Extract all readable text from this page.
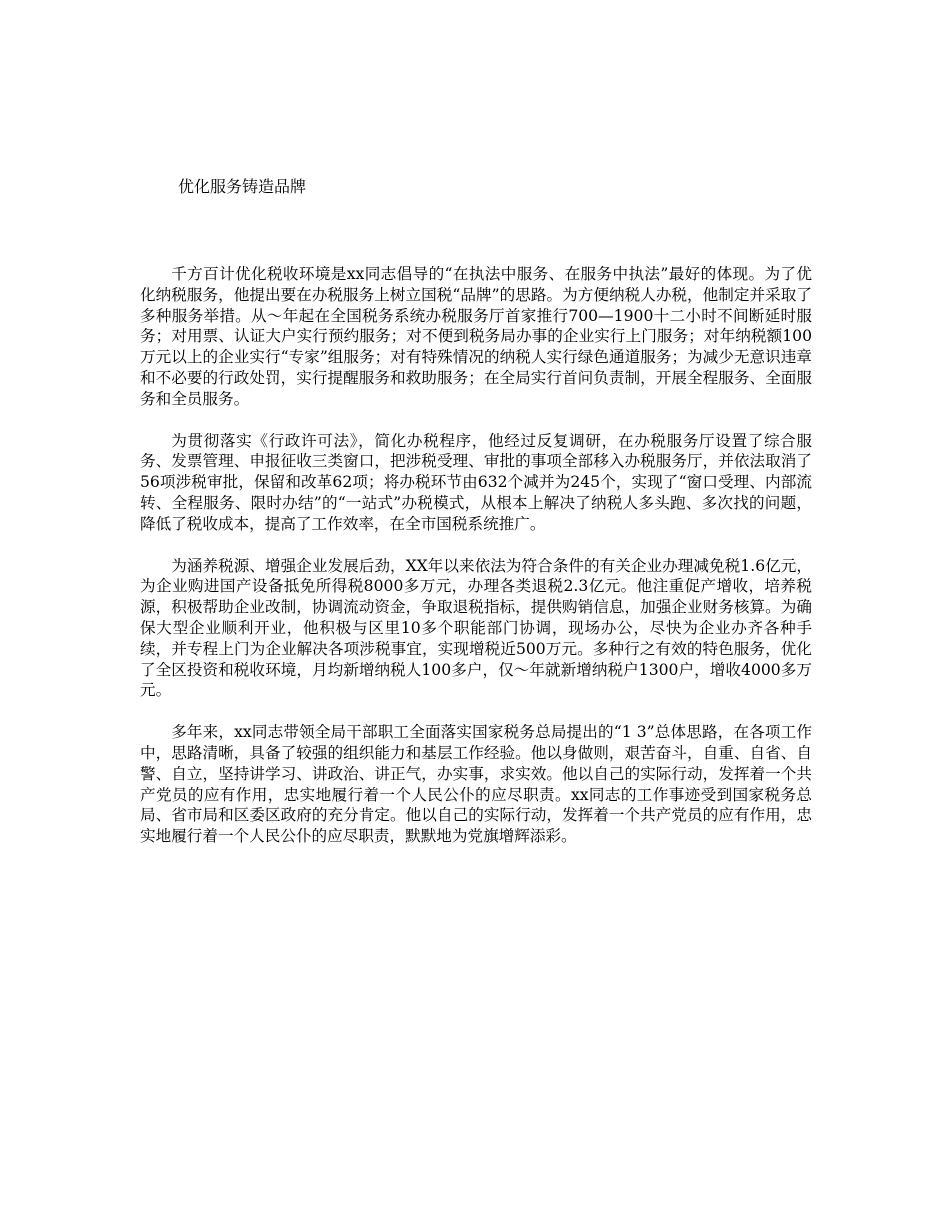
优化服务铸造品牌

千方百计优化税收环境是xx同志倡导的“在执法中服务、在服务中执法”最好的体现。为了优化纳税服务，他提出要在办税服务上树立国税“品牌”的思路。为方便纳税人办税，他制定并采取了多种服务举措。从～年起在全国税务系统办税服务厅首家推行700—1900十二小时不间断延时服务；对用票、认证大户实行预约服务；对不便到税务局办事的企业实行上门服务；对年纳税额100万元以上的企业实行“专家”组服务；对有特殊情况的纳税人实行绿色通道服务；为减少无意识违章和不必要的行政处罚，实行提醒服务和救助服务；在全局实行首问负责制，开展全程服务、全面服务和全员服务。

为贯彻落实《行政许可法》，简化办税程序，他经过反复调研，在办税服务厅设置了综合服务、发票管理、申报征收三类窗口，把涉税受理、审批的事项全部移入办税服务厅，并依法取消了56项涉税审批，保留和改革62项；将办税环节由632个减并为245个，实现了“窗口受理、内部流转、全程服务、限时办结”的“一站式”办税模式，从根本上解决了纳税人多头跑、多次找的问题，降低了税收成本，提高了工作效率，在全市国税系统推广。

为涵养税源、增强企业发展后劲，XX年以来依法为符合条件的有关企业办理减免税1.6亿元，为企业购进国产设备抵免所得税8000多万元，办理各类退税2.3亿元。他注重促产增收，培养税源，积极帮助企业改制，协调流动资金，争取退税指标，提供购销信息，加强企业财务核算。为确保大型企业顺利开业，他积极与区里10多个职能部门协调，现场办公，尽快为企业办齐各种手续，并专程上门为企业解决各项涉税事宜，实现增税近500万元。多种行之有效的特色服务，优化了全区投资和税收环境，月均新增纳税人100多户，仅～年就新增纳税户1300户，增收4000多万元。

多年来，xx同志带领全局干部职工全面落实国家税务总局提出的“1 3”总体思路，在各项工作中，思路清晰，具备了较强的组织能力和基层工作经验。他以身做则，艰苦奋斗，自重、自省、自警、自立，坚持讲学习、讲政治、讲正气，办实事，求实效。他以自己的实际行动，发挥着一个共产党员的应有作用，忠实地履行着一个人民公仆的应尽职责。xx同志的工作事迹受到国家税务总局、省市局和区委区政府的充分肯定。他以自己的实际行动，发挥着一个共产党员的应有作用，忠实地履行着一个人民公仆的应尽职责，默默地为党旗增辉添彩。
